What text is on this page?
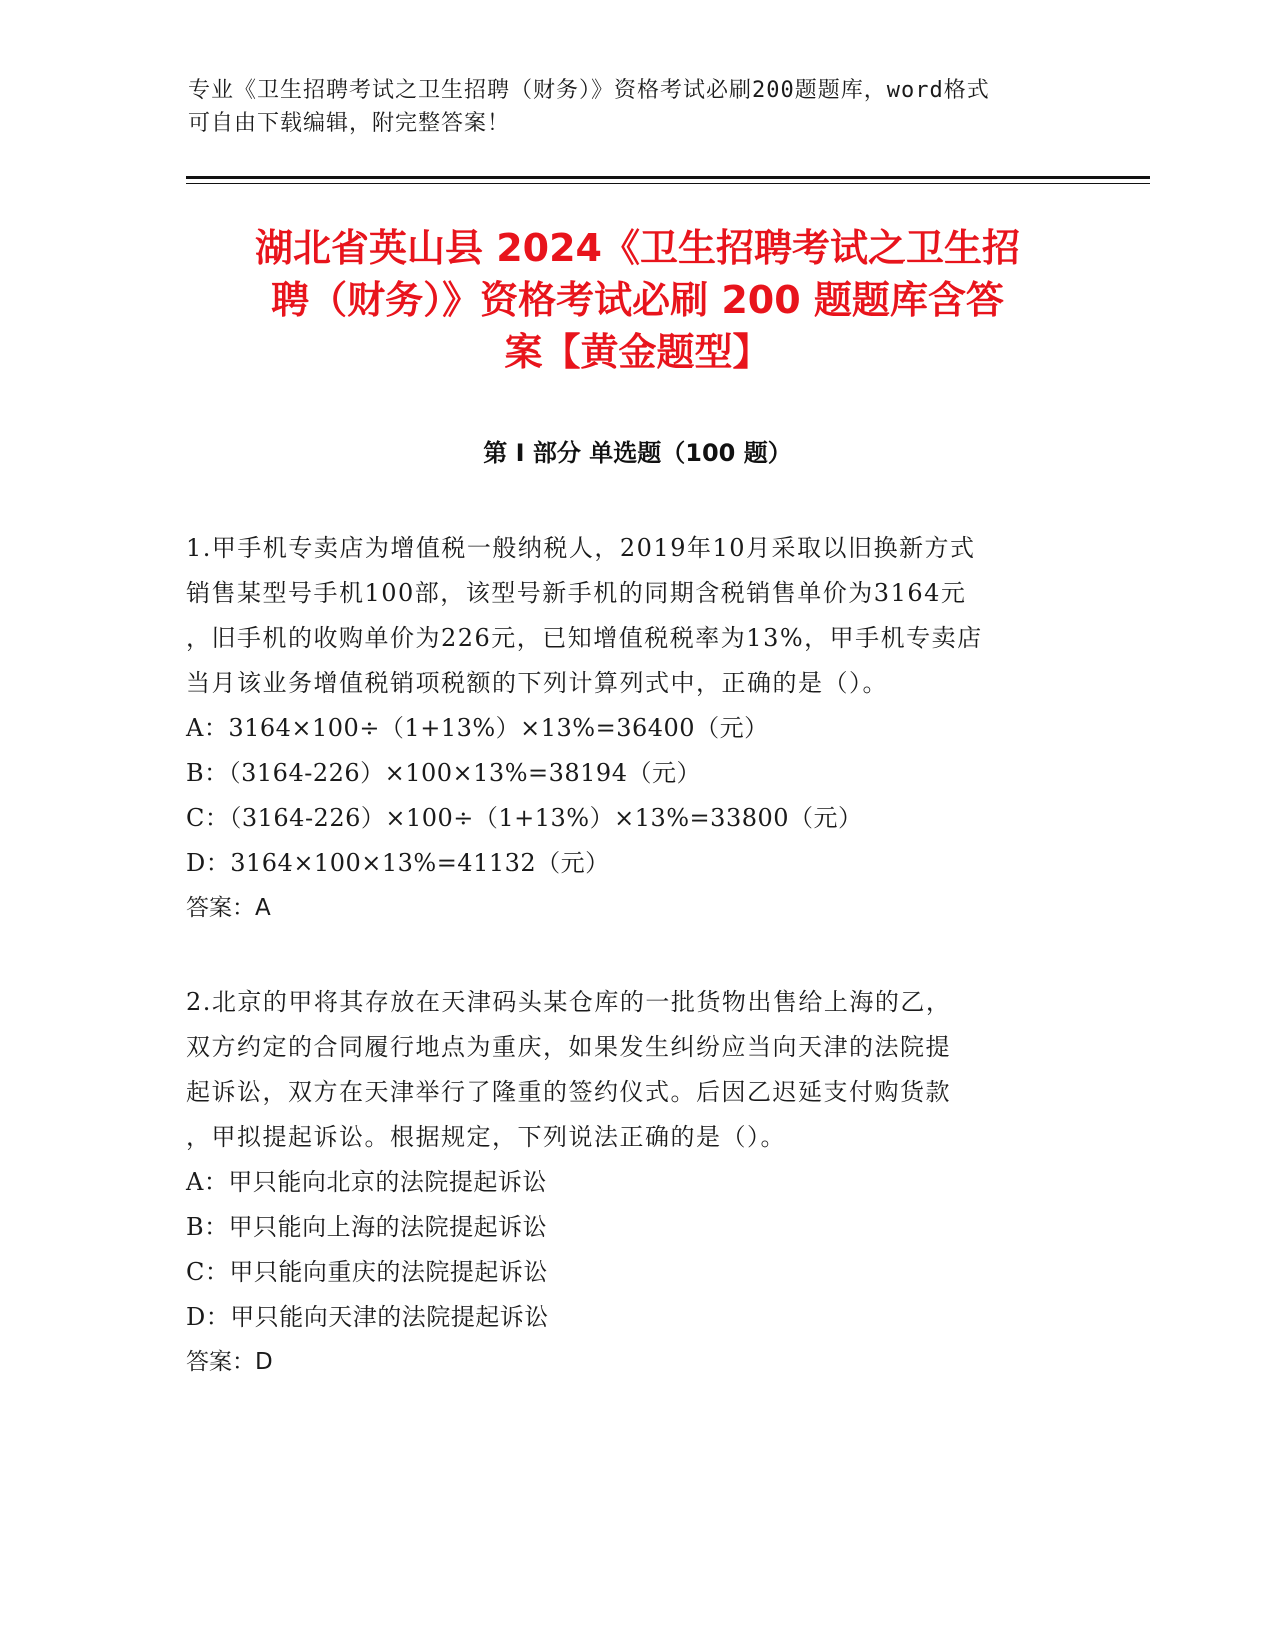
专业《卫生招聘考试之卫生招聘（财务）》资格考试必刷200题题库，word格式
可自由下载编辑，附完整答案！
湖北省英山县 2024《卫生招聘考试之卫生招
聘（财务）》资格考试必刷 200 题题库含答
案【黄金题型】
第 I 部分 单选题（100 题）
1.甲手机专卖店为增值税一般纳税人，2019年10月采取以旧换新方式
销售某型号手机100部，该型号新手机的同期含税销售单价为3164元
，旧手机的收购单价为226元，已知增值税税率为13%，甲手机专卖店
当月该业务增值税销项税额的下列计算列式中，正确的是（）。
A：3164×100÷（1+13%）×13%=36400（元）
B：（3164-226）×100×13%=38194（元）
C：（3164-226）×100÷（1+13%）×13%=33800（元）
D：3164×100×13%=41132（元）
答案：A
2.北京的甲将其存放在天津码头某仓库的一批货物出售给上海的乙，
双方约定的合同履行地点为重庆，如果发生纠纷应当向天津的法院提
起诉讼，双方在天津举行了隆重的签约仪式。后因乙迟延支付购货款
，甲拟提起诉讼。根据规定，下列说法正确的是（）。
A：甲只能向北京的法院提起诉讼
B：甲只能向上海的法院提起诉讼
C：甲只能向重庆的法院提起诉讼
D：甲只能向天津的法院提起诉讼
答案：D
